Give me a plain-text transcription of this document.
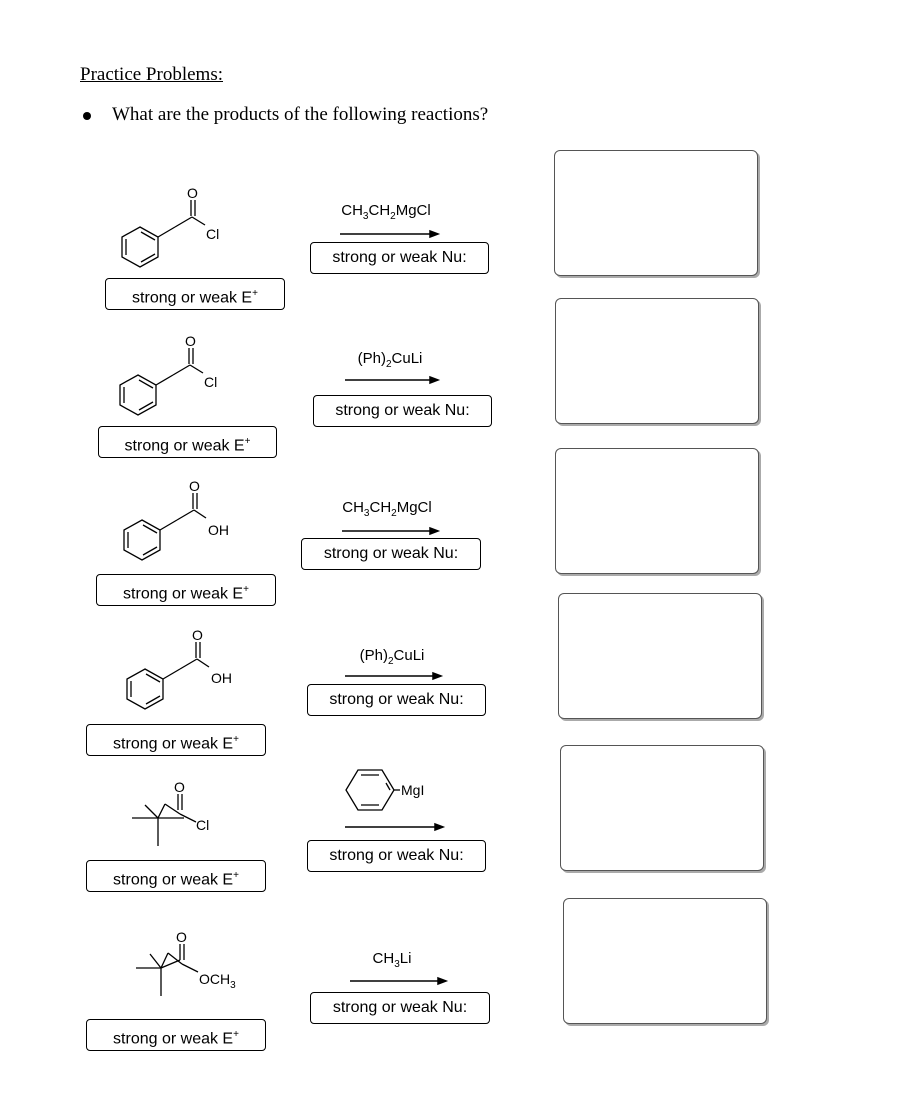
Practice Problems:
What are the products of the following reactions?
O
Cl
O
Cl
O
OH
O
OH
O
Cl
O
$OCH_3$
MgI
$CH_3CH_2MgCl$
$(Ph)_2CuLi$
$CH_3CH_2MgCl$
$(Ph)_2CuLi$
$CH_3Li$
strong or weak Nu:
strong or weak Nu:
strong or weak Nu:
strong or weak Nu:
strong or weak Nu:
strong or weak Nu:
strong or weak E+
strong or weak E+
strong or weak E+
strong or weak E+
strong or weak E+
strong or weak E+
